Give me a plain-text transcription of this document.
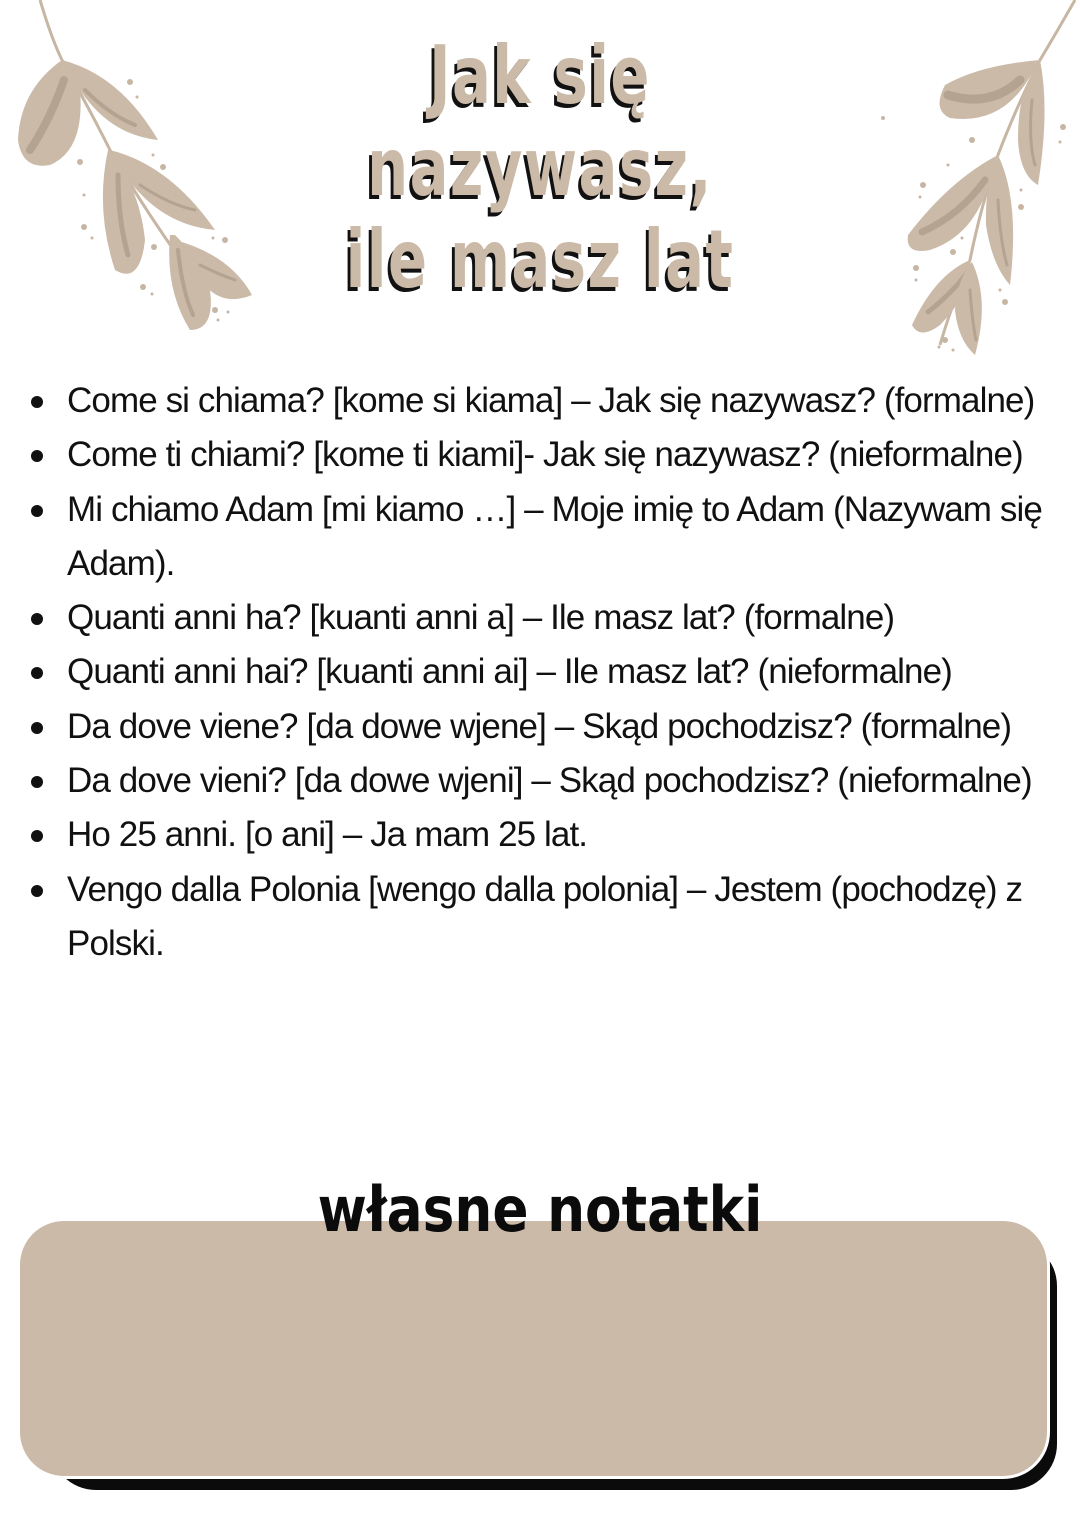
Jak się nazywasz,
ile masz lat
Come si chiama? [kome si kiama] – Jak się nazywasz? (formalne)
Come ti chiami? [kome ti kiami]- Jak się nazywasz? (nieformalne)
Mi chiamo Adam [mi kiamo …] – Moje imię to Adam (Nazywam się Adam).
Quanti anni ha? [kuanti anni a] – Ile masz lat? (formalne)
Quanti anni hai? [kuanti anni ai] – Ile masz lat? (nieformalne)
Da dove viene? [da dowe wjene] – Skąd pochodzisz? (formalne)
Da dove vieni? [da dowe wjeni] – Skąd pochodzisz? (nieformalne)
Ho 25 anni. [o ani] – Ja mam 25 lat.
Vengo dalla Polonia [wengo dalla polonia] – Jestem (pochodzę) z Polski.
własne notatki
